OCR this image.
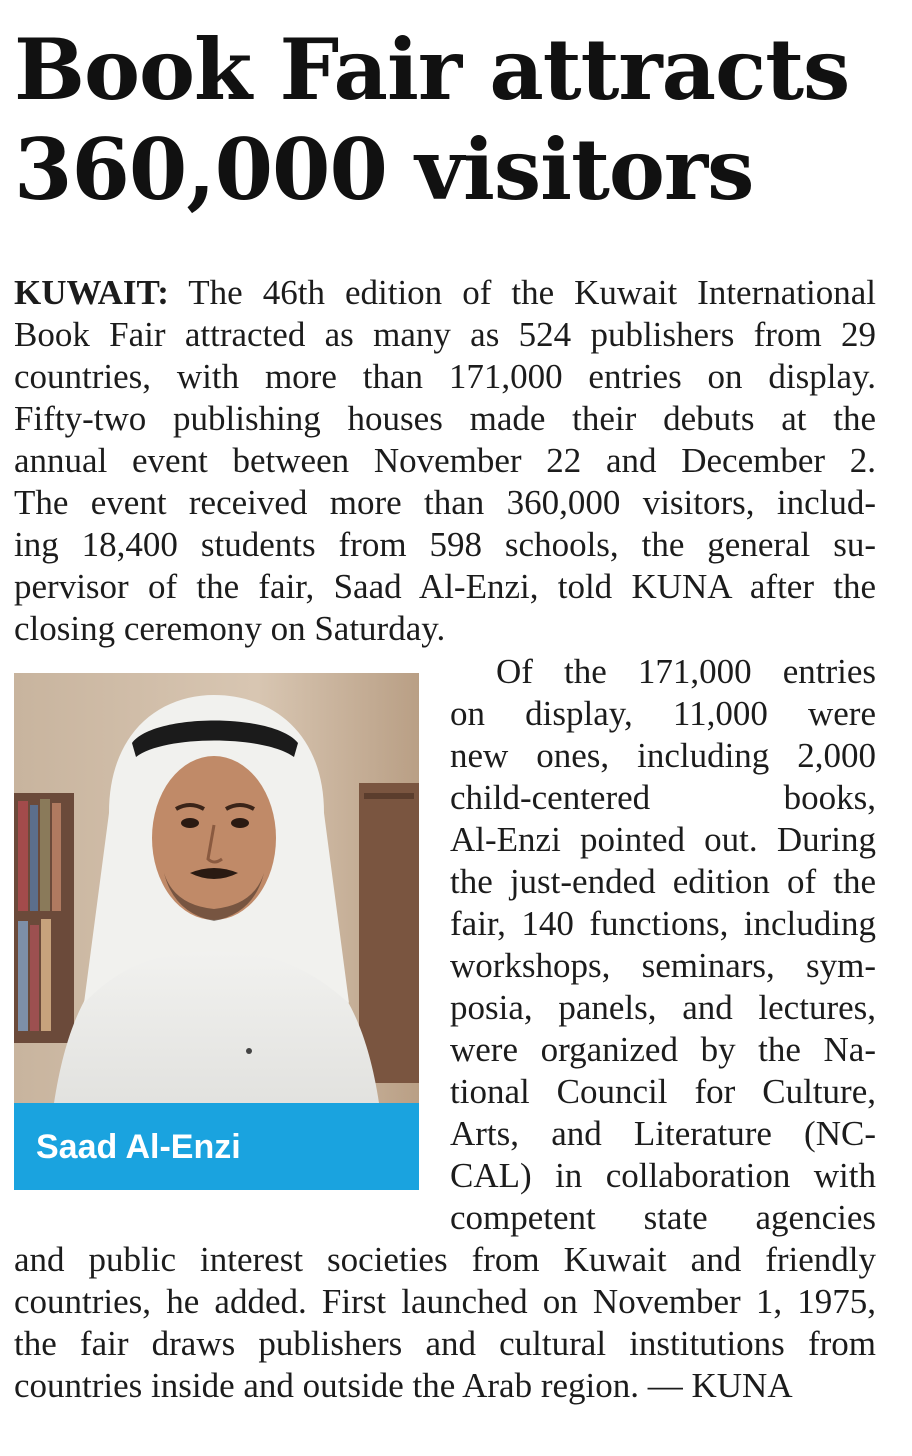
Book Fair attracts
360,000 visitors
KUWAIT: The 46th edition of the Kuwait International
Book Fair attracted as many as 524 publishers from 29
countries, with more than 171,000 entries on display.
Fifty-two publishing houses made their debuts at the
annual event between November 22 and December 2.
The event received more than 360,000 visitors, includ-
ing 18,400 students from 598 schools, the general su-
pervisor of the fair, Saad Al-Enzi, told KUNA after the
closing ceremony on Saturday.
Saad Al-Enzi
Of the 171,000 entries
on display, 11,000 were
new ones, including 2,000
child-centered books,
Al-Enzi pointed out. During
the just-ended edition of the
fair, 140 functions, including
workshops, seminars, sym-
posia, panels, and lectures,
were organized by the Na-
tional Council for Culture,
Arts, and Literature (NC-
CAL) in collaboration with
competent state agencies
and public interest societies from Kuwait and friendly
countries, he added. First launched on November 1, 1975,
the fair draws publishers and cultural institutions from
countries inside and outside the Arab region. — KUNA
